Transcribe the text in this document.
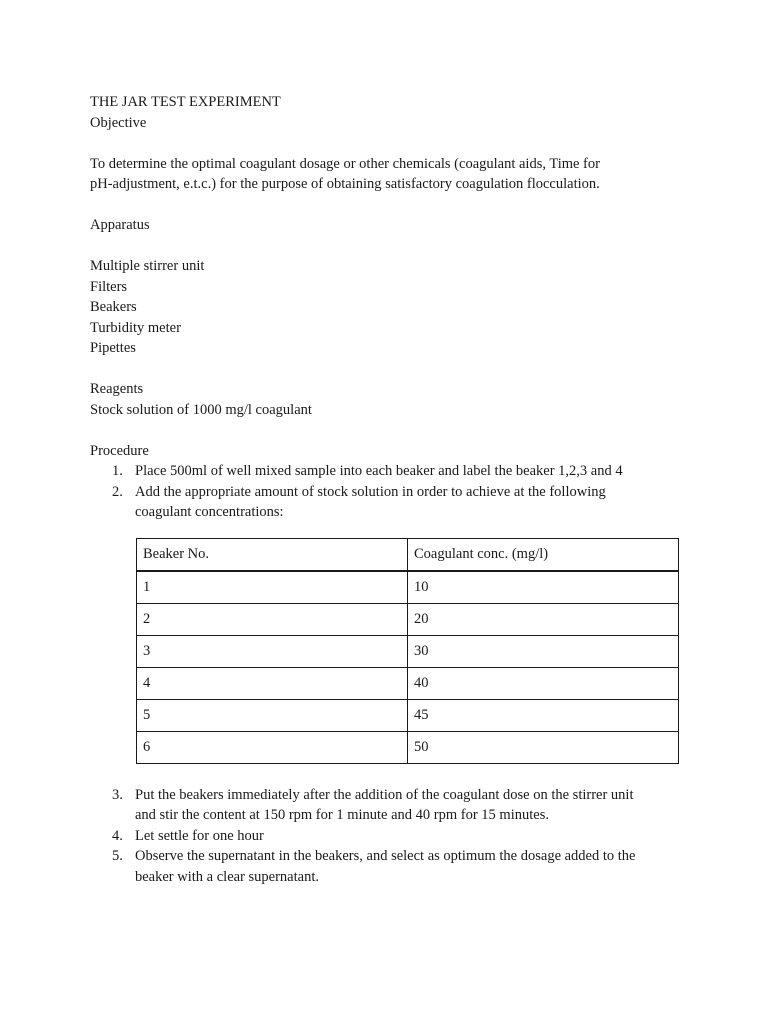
THE JAR TEST EXPERIMENT
Objective
To determine the optimal coagulant dosage or other chemicals (coagulant aids, Time for
pH-adjustment, e.t.c.) for the purpose of obtaining satisfactory coagulation flocculation.
Apparatus
Multiple stirrer unit
Filters
Beakers
Turbidity meter
Pipettes
Reagents
Stock solution of 1000 mg/l coagulant
Procedure
1. Place 500ml of well mixed sample into each beaker and label the beaker 1,2,3 and 4
2. Add the appropriate amount of stock solution in order to achieve at the following
coagulant concentrations:
Beaker No.	Coagulant conc. (mg/l)
1	10
2	20
3	30
4	40
5	45
6	50
3. Put the beakers immediately after the addition of the coagulant dose on the stirrer unit
and stir the content at 150 rpm for 1 minute and 40 rpm for 15 minutes.
4. Let settle for one hour
5. Observe the supernatant in the beakers, and select as optimum the dosage added to the
beaker with a clear supernatant.
